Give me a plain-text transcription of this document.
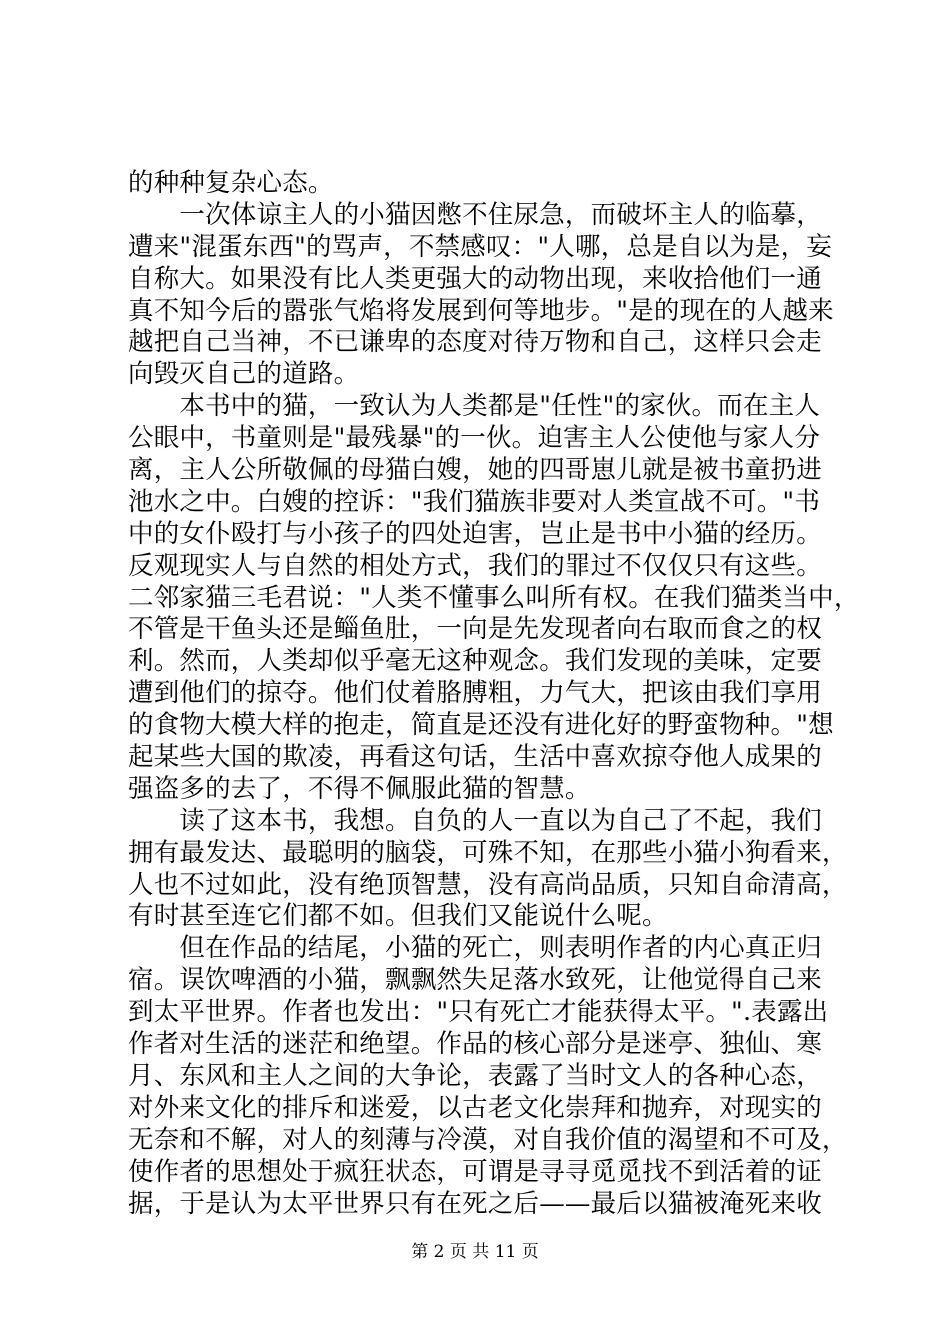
的种种复杂心态。
　　一次体谅主人的小猫因憋不住尿急，而破坏主人的临摹，
遭来"混蛋东西"的骂声，不禁感叹："人哪，总是自以为是，妄
自称大。如果没有比人类更强大的动物出现，来收拾他们一通
真不知今后的嚣张气焰将发展到何等地步。"是的现在的人越来
越把自己当神，不已谦卑的态度对待万物和自己，这样只会走
向毁灭自己的道路。
　　本书中的猫，一致认为人类都是"任性"的家伙。而在主人
公眼中，书童则是"最残暴"的一伙。迫害主人公使他与家人分
离，主人公所敬佩的母猫白嫂，她的四哥崽儿就是被书童扔进
池水之中。白嫂的控诉："我们猫族非要对人类宣战不可。"书
中的女仆殴打与小孩子的四处迫害，岂止是书中小猫的经历。
反观现实人与自然的相处方式，我们的罪过不仅仅只有这些。
二邻家猫三毛君说："人类不懂事么叫所有权。在我们猫类当中，
不管是干鱼头还是鲻鱼肚，一向是先发现者向右取而食之的权
利。然而，人类却似乎毫无这种观念。我们发现的美味，定要
遭到他们的掠夺。他们仗着胳膊粗，力气大，把该由我们享用
的食物大模大样的抱走，简直是还没有进化好的野蛮物种。"想
起某些大国的欺凌，再看这句话，生活中喜欢掠夺他人成果的
强盗多的去了，不得不佩服此猫的智慧。
　　读了这本书，我想。自负的人一直以为自己了不起，我们
拥有最发达、最聪明的脑袋，可殊不知，在那些小猫小狗看来，
人也不过如此，没有绝顶智慧，没有高尚品质，只知自命清高，
有时甚至连它们都不如。但我们又能说什么呢。
　　但在作品的结尾，小猫的死亡，则表明作者的内心真正归
宿。误饮啤酒的小猫，飘飘然失足落水致死，让他觉得自己来
到太平世界。作者也发出："只有死亡才能获得太平。".表露出
作者对生活的迷茫和绝望。作品的核心部分是迷亭、独仙、寒
月、东风和主人之间的大争论，表露了当时文人的各种心态，
对外来文化的排斥和迷爱，以古老文化崇拜和抛弃，对现实的
无奈和不解，对人的刻薄与冷漠，对自我价值的渴望和不可及，
使作者的思想处于疯狂状态，可谓是寻寻觅觅找不到活着的证
据，于是认为太平世界只有在死之后——最后以猫被淹死来收
第 2 页 共 11 页
